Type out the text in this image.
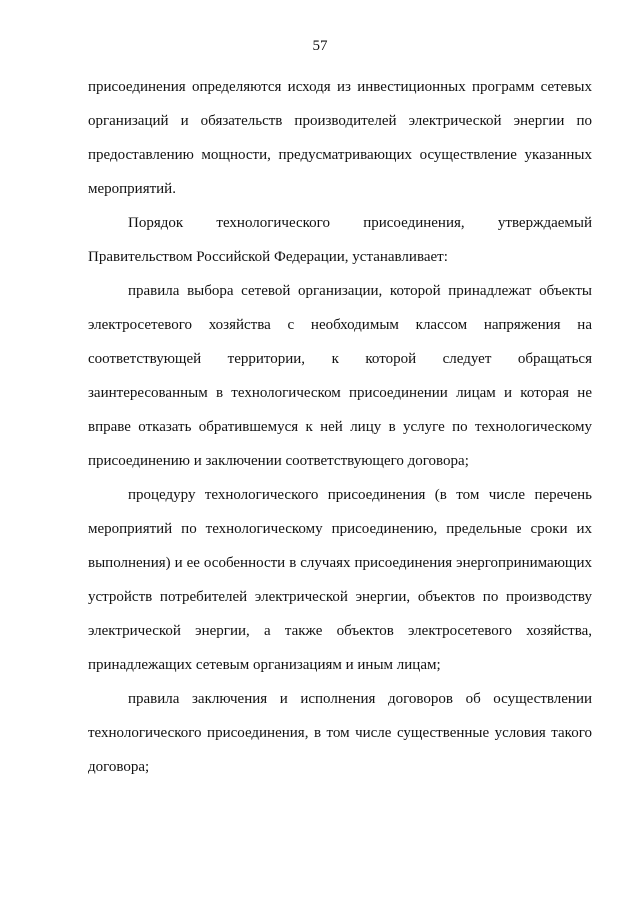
57

присоединения определяются исходя из инвестиционных программ сетевых организаций и обязательств производителей электрической энергии по предоставлению мощности, предусматривающих осуществление указанных мероприятий.

Порядок технологического присоединения, утверждаемый Правительством Российской Федерации, устанавливает:

правила выбора сетевой организации, которой принадлежат объекты электросетевого хозяйства с необходимым классом напряжения на соответствующей территории, к которой следует обращаться заинтересованным в технологическом присоединении лицам и которая не вправе отказать обратившемуся к ней лицу в услуге по технологическому присоединению и заключении соответствующего договора;

процедуру технологического присоединения (в том числе перечень мероприятий по технологическому присоединению, предельные сроки их выполнения) и ее особенности в случаях присоединения энергопринимающих устройств потребителей электрической энергии, объектов по производству электрической энергии, а также объектов электросетевого хозяйства, принадлежащих сетевым организациям и иным лицам;

правила заключения и исполнения договоров об осуществлении технологического присоединения, в том числе существенные условия такого договора;
